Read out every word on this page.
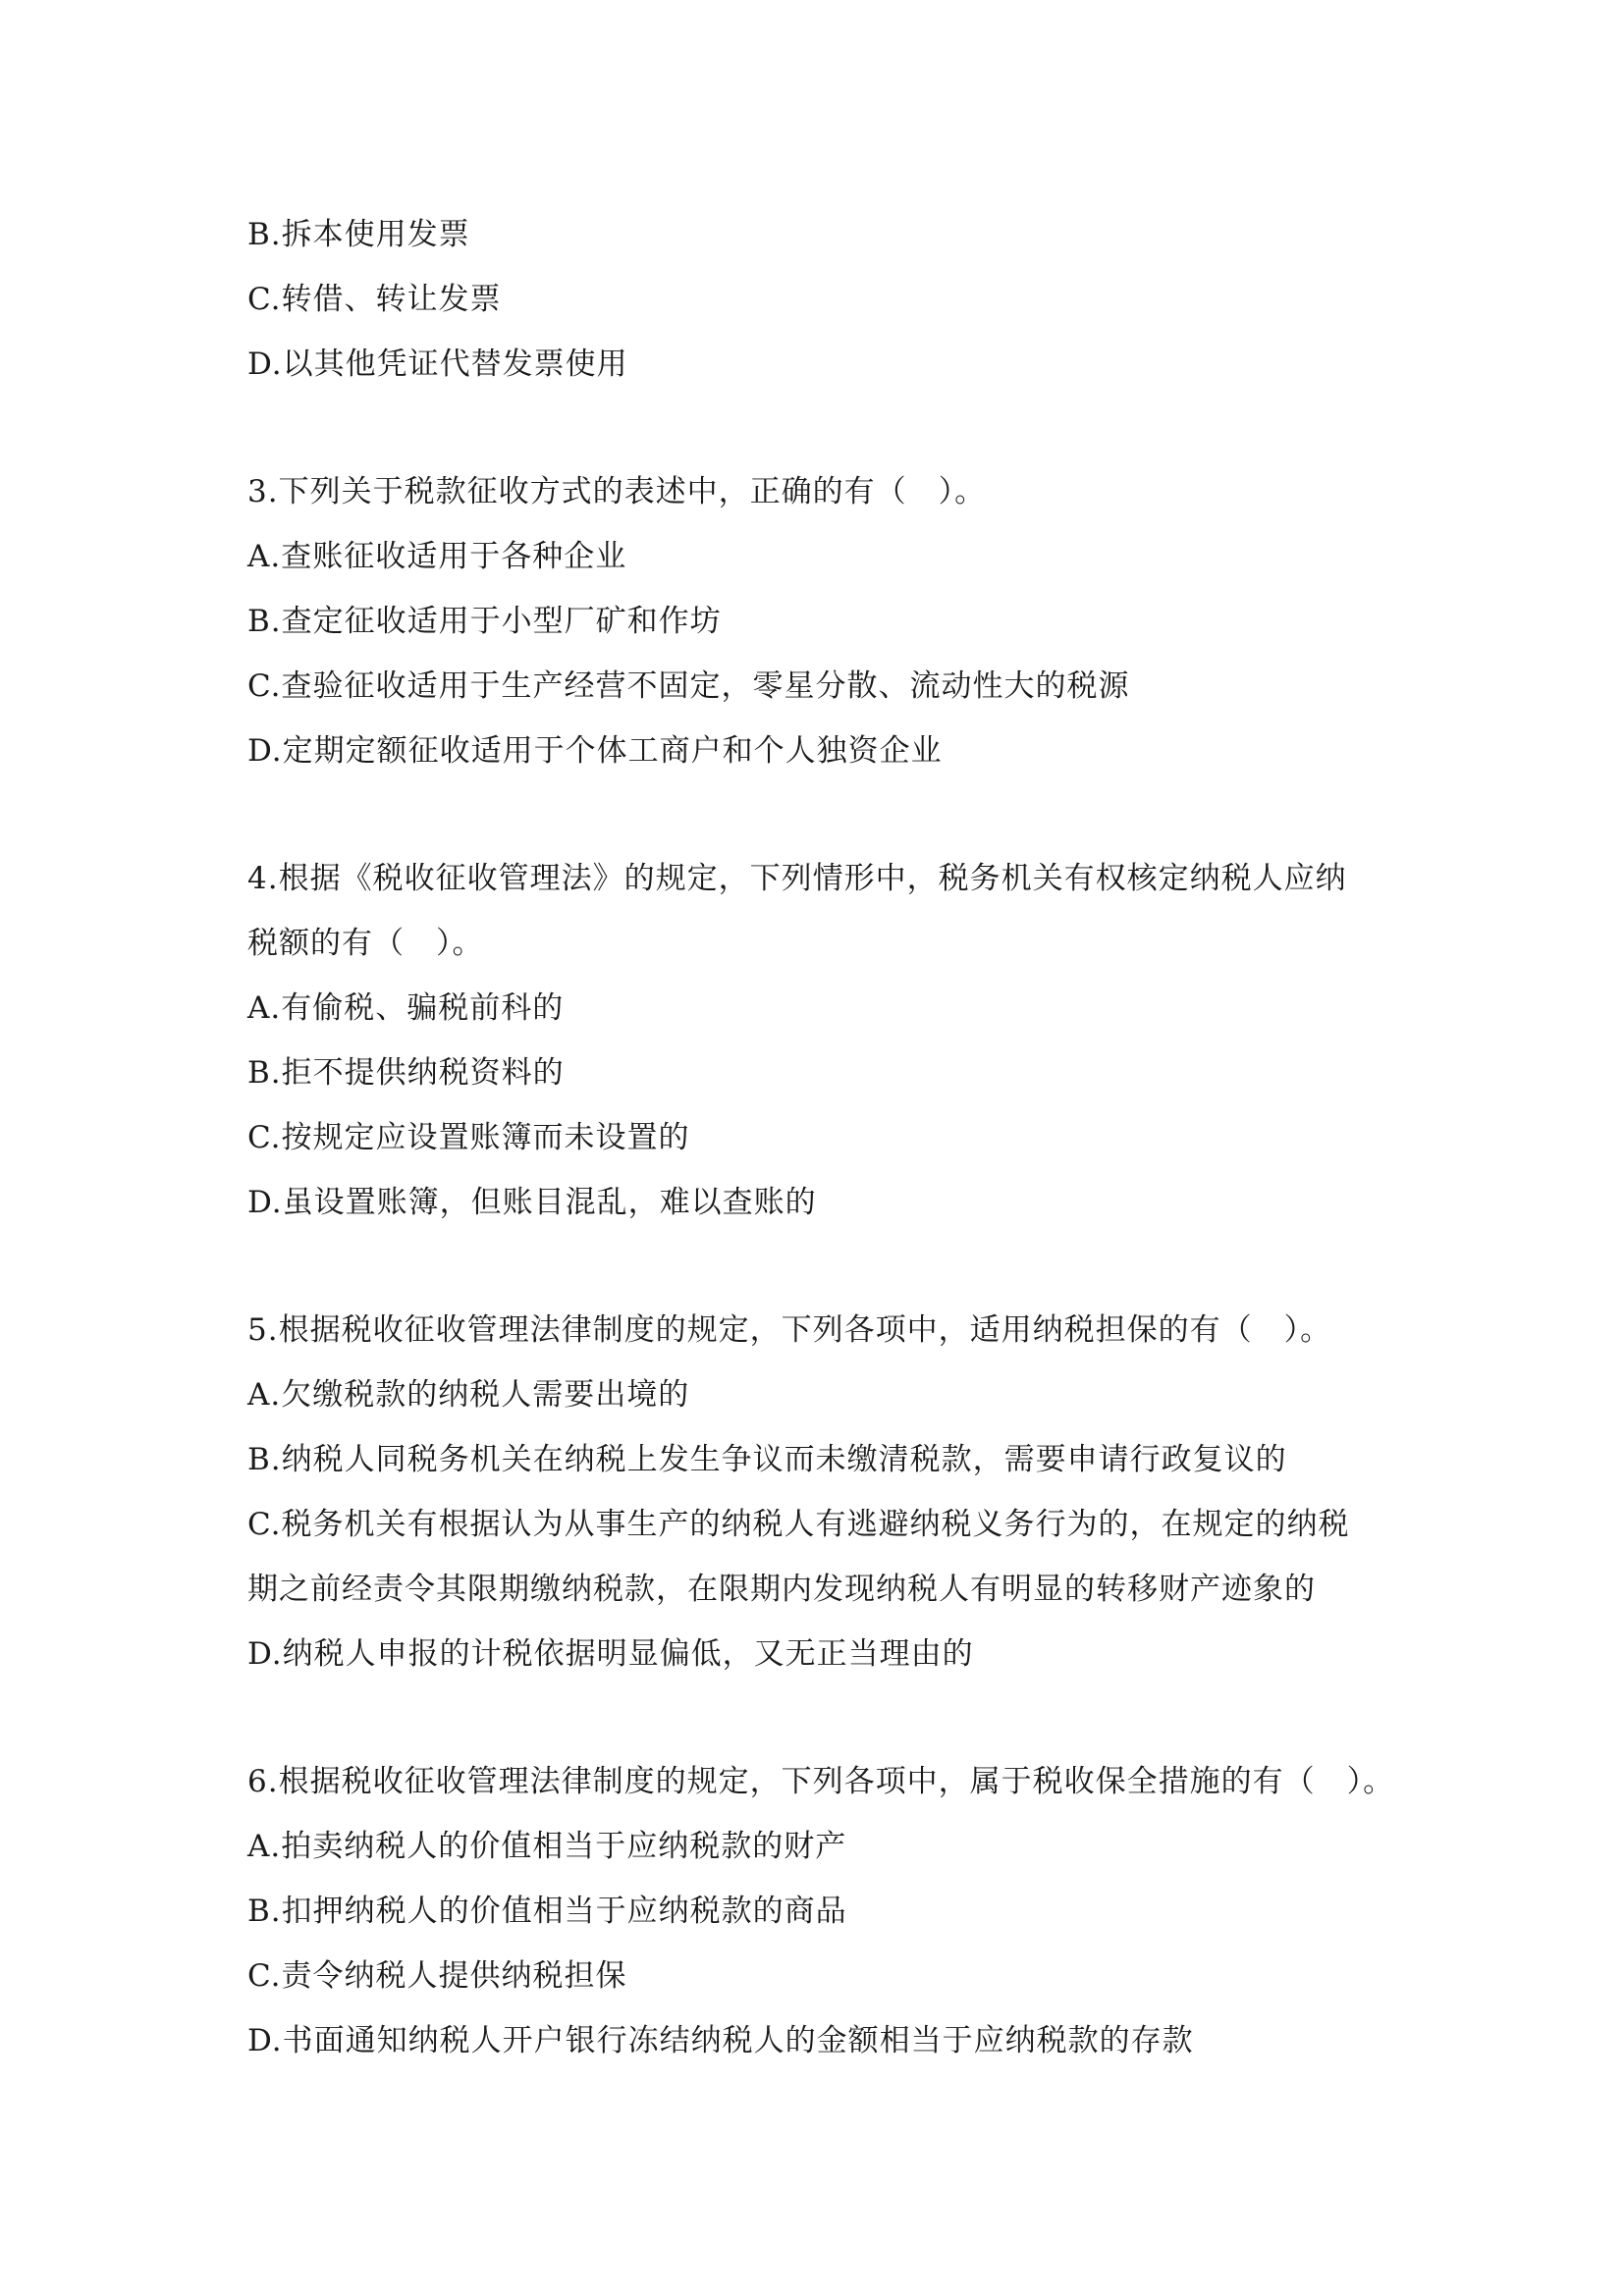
B.拆本使用发票
C.转借、转让发票
D.以其他凭证代替发票使用
3.下列关于税款征收方式的表述中，正确的有（　）。
A.查账征收适用于各种企业
B.查定征收适用于小型厂矿和作坊
C.查验征收适用于生产经营不固定，零星分散、流动性大的税源
D.定期定额征收适用于个体工商户和个人独资企业
4.根据《税收征收管理法》的规定，下列情形中，税务机关有权核定纳税人应纳
税额的有（　）。
A.有偷税、骗税前科的
B.拒不提供纳税资料的
C.按规定应设置账簿而未设置的
D.虽设置账簿，但账目混乱，难以查账的
5.根据税收征收管理法律制度的规定，下列各项中，适用纳税担保的有（　）。
A.欠缴税款的纳税人需要出境的
B.纳税人同税务机关在纳税上发生争议而未缴清税款，需要申请行政复议的
C.税务机关有根据认为从事生产的纳税人有逃避纳税义务行为的，在规定的纳税
期之前经责令其限期缴纳税款，在限期内发现纳税人有明显的转移财产迹象的
D.纳税人申报的计税依据明显偏低，又无正当理由的
6.根据税收征收管理法律制度的规定，下列各项中，属于税收保全措施的有（　）。
A.拍卖纳税人的价值相当于应纳税款的财产
B.扣押纳税人的价值相当于应纳税款的商品
C.责令纳税人提供纳税担保
D.书面通知纳税人开户银行冻结纳税人的金额相当于应纳税款的存款
